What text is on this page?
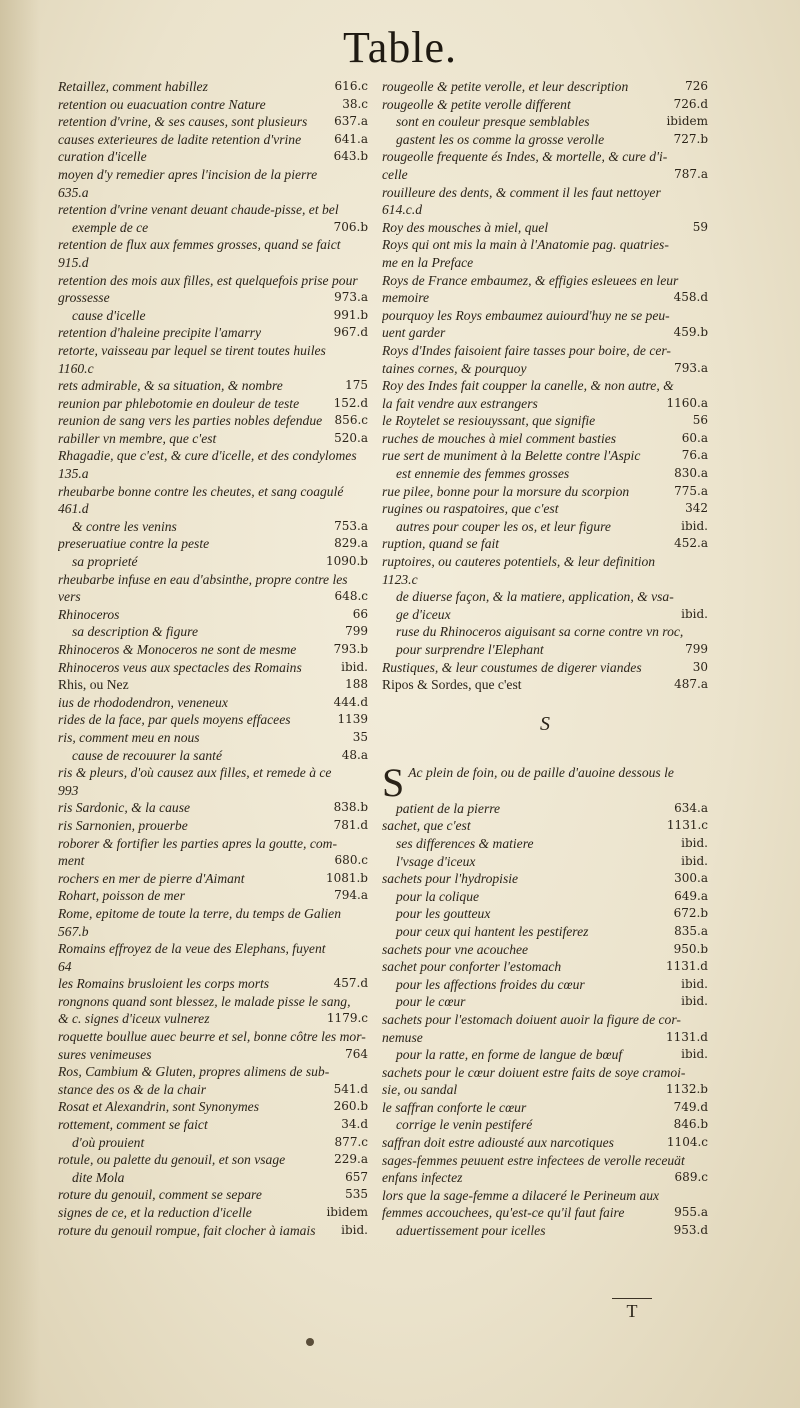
Table.
Retaillez, comment habillez	616.c
retention ou euacuation contre Nature	38.c
retention d'vrine, & ses causes, sont plusieurs	637.a
causes exterieures de ladite retention d'vrine	641.a
curation d'icelle	643.b
moyen d'y remedier apres l'incision de la pierre
635.a
retention d'vrine venant deuant chaude-pisse, et bel
exemple de ce	706.b
retention de flux aux femmes grosses, quand se faict
915.d
retention des mois aux filles, est quelquefois prise pour
grossesse	973.a
cause d'icelle	991.b
retention d'haleine precipite l'amarry	967.d
retorte, vaisseau par lequel se tirent toutes huiles
1160.c
rets admirable, & sa situation, & nombre	175
reunion par phlebotomie en douleur de teste	152.d
reunion de sang vers les parties nobles defendue	856.c
rabiller vn membre, que c'est	520.a
Rhagadie, que c'est, & cure d'icelle, et des condylomes
135.a
rheubarbe bonne contre les cheutes, et sang coagulé
461.d
& contre les venins	753.a
preseruatiue contre la peste	829.a
sa proprieté	1090.b
rheubarbe infuse en eau d'absinthe, propre contre les
vers	648.c
Rhinoceros	66
sa description & figure	799
Rhinoceros & Monoceros ne sont de mesme	793.b
Rhinoceros veus aux spectacles des Romains	ibid.
Rhis, ou Nez	188
ius de rhododendron, veneneux	444.d
rides de la face, par quels moyens effacees	1139
ris, comment meu en nous	35
cause de recouurer la santé	48.a
ris & pleurs, d'où causez aux filles, et remede à ce
993
ris Sardonic, & la cause	838.b
ris Sarnonien, prouerbe	781.d
roborer & fortifier les parties apres la goutte, com-
ment	680.c
rochers en mer de pierre d'Aimant	1081.b
Rohart, poisson de mer	794.a
Rome, epitome de toute la terre, du temps de Galien
567.b
Romains effroyez de la veue des Elephans, fuyent
64
les Romains brusloient les corps morts	457.d
rongnons quand sont blessez, le malade pisse le sang,
& c. signes d'iceux vulnerez	1179.c
roquette boullue auec beurre et sel, bonne côtre les mor-
sures venimeuses	764
Ros, Cambium & Gluten, propres alimens de sub-
stance des os & de la chair	541.d
Rosat et Alexandrin, sont Synonymes	260.b
rottement, comment se faict	34.d
d'où prouient	877.c
rotule, ou palette du genouil, et son vsage	229.a
dite Mola	657
roture du genouil, comment se separe	535
signes de ce, et la reduction d'icelle	ibidem
roture du genouil rompue, fait clocher à iamais	ibid.
rougeolle & petite verolle, et leur description	726
rougeolle & petite verolle different	726.d
sont en couleur presque semblables	ibidem
gastent les os comme la grosse verolle	727.b
rougeolle frequente és Indes, & mortelle, & cure d'i-
celle	787.a
rouilleure des dents, & comment il les faut nettoyer
614.c.d
Roy des mousches à miel, quel	59
Roys qui ont mis la main à l'Anatomie pag. quatries-
me en la Preface
Roys de France embaumez, & effigies esleuees en leur
memoire	458.d
pourquoy les Roys embaumez auiourd'huy ne se peu-
uent garder	459.b
Roys d'Indes faisoient faire tasses pour boire, de cer-
taines cornes, & pourquoy	793.a
Roy des Indes fait coupper la canelle, & non autre, &
la fait vendre aux estrangers	1160.a
le Roytelet se resiouyssant, que signifie	56
ruches de mouches à miel comment basties	60.a
rue sert de muniment à la Belette contre l'Aspic	76.a
est ennemie des femmes grosses	830.a
rue pilee, bonne pour la morsure du scorpion	775.a
rugines ou raspatoires, que c'est	342
autres pour couper les os, et leur figure	ibid.
ruption, quand se fait	452.a
ruptoires, ou cauteres potentiels, & leur definition
1123.c
de diuerse façon, & la matiere, application, & vsa-
ge d'iceux	ibid.
ruse du Rhinoceros aiguisant sa corne contre vn roc,
pour surprendre l'Elephant	799
Rustiques, & leur coustumes de digerer viandes	30
Ripos & Sordes, que c'est	487.a
S
S Ac plein de foin, ou de paille d'auoine dessous le
patient de la pierre	634.a
sachet, que c'est	1131.c
ses differences & matiere	ibid.
l'vsage d'iceux	ibid.
sachets pour l'hydropisie	300.a
pour la colique	649.a
pour les goutteux	672.b
pour ceux qui hantent les pestiferez	835.a
sachets pour vne acouchee	950.b
sachet pour conforter l'estomach	1131.d
pour les affections froides du cœur	ibid.
pour le cœur	ibid.
sachets pour l'estomach doiuent auoir la figure de cor-
nemuse	1131.d
pour la ratte, en forme de langue de bœuf	ibid.
sachets pour le cœur doiuent estre faits de soye cramoi-
sie, ou sandal	1132.b
le saffran conforte le cœur	749.d
corrige le venin pestiferé	846.b
saffran doit estre adiousté aux narcotiques	1104.c
sages-femmes peuuent estre infectees de verolle receuät
enfans infectez	689.c
lors que la sage-femme a dilaceré le Perineum aux
femmes accouchees, qu'est-ce qu'il faut faire	955.a
aduertissement pour icelles	953.d
T
